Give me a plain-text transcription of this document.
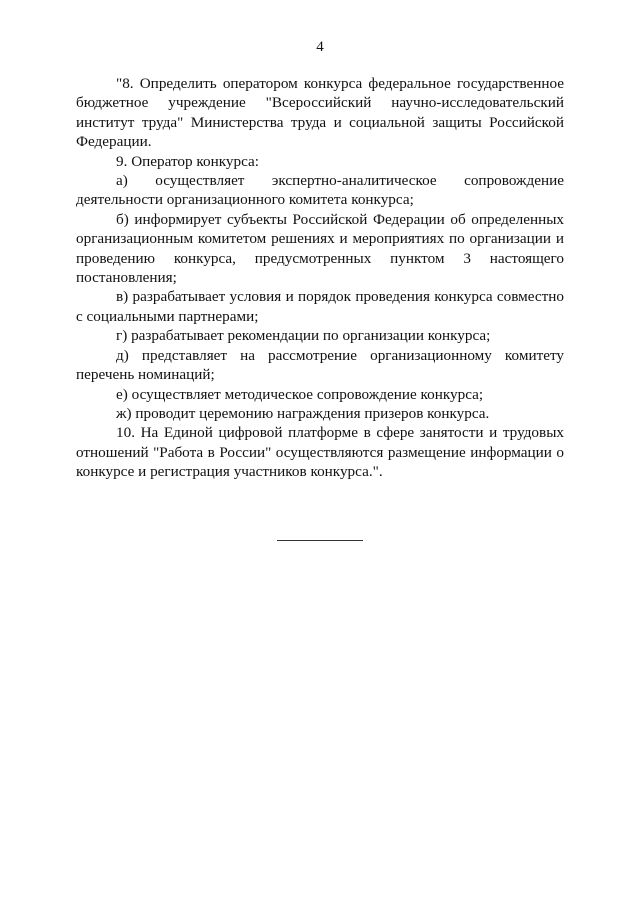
4

"8. Определить оператором конкурса федеральное государственное бюджетное учреждение "Всероссийский научно-исследовательский институт труда" Министерства труда и социальной защиты Российской Федерации.

9. Оператор конкурса:

а) осуществляет экспертно-аналитическое сопровождение деятельности организационного комитета конкурса;

б) информирует субъекты Российской Федерации об определенных организационным комитетом решениях и мероприятиях по организации и проведению конкурса, предусмотренных пунктом 3 настоящего постановления;

в) разрабатывает условия и порядок проведения конкурса совместно с социальными партнерами;

г) разрабатывает рекомендации по организации конкурса;

д) представляет на рассмотрение организационному комитету перечень номинаций;

е) осуществляет методическое сопровождение конкурса;

ж) проводит церемонию награждения призеров конкурса.

10. На Единой цифровой платформе в сфере занятости и трудовых отношений "Работа в России" осуществляются размещение информации о конкурсе и регистрация участников конкурса.".
